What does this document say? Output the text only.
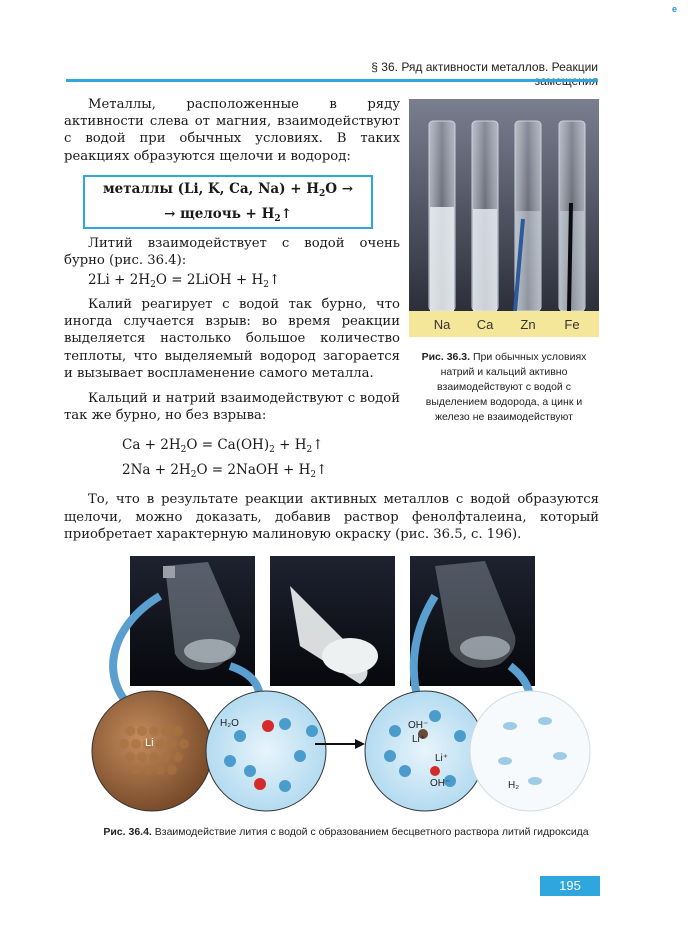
e
§ 36. Ряд активности металлов. Реакции

Металлы, расположенные в ряду активности слева от магния, взаимодействуют с водой при обычных условиях. В таких реакциях образуются щелочи и водород:

металлы (Li, K, Ca, $Na) + H_2O$ →
→ щелочь + $H_2↑$

Литий взаимодействует с водой очень бурно (рис. 36.4):

$2Li + 2H_2O$ = 2LiOH + $H_2↑$

Калий реагирует с водой так бурно, что иногда случается взрыв: во время реакции выделяется настолько большое количество теплоты, что выделяемый водород загорается и вызывает воспламенение самого металла.

Кальций и натрий взаимодействуют с водой так же бурно, но без взрыва:

$Ca + 2H_2O = Ca(OH)_2$ + $H_2↑$
$2Na + 2H_2O$ = 2NaOH + $H_2↑$
Na Ca Zn Fe
Рис. 36.3. При обычных условиях натрий и кальций активно взаимодействуют с водой с выделением водорода, а цинк и железо не взаимодействуют
То, что в результате реакции активных металлов с водой образуются щелочи, можно доказать, добавив раствор фенолфталеина, который приобретает характерную малиновую окраску (рис. 36.5, с. 196).
Li
H₂O	OH⁻
Li⁺
Li⁺
OH⁻	H₂
Рис. 36.4. Взаимодействие лития с водой с образованием бесцветного раствора литий гидроксида
195
